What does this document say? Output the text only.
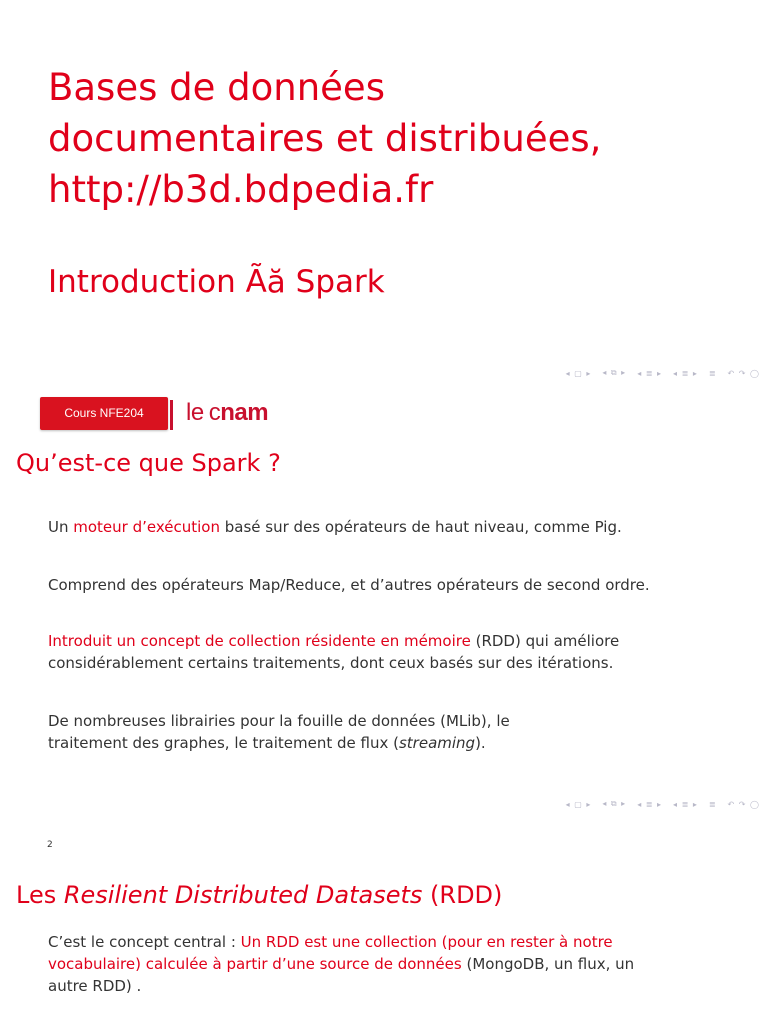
Bases de données
documentaires et distribuées,
http://b3d.bdpedia.fr
Introduction Ãă Spark
◂ ▢ ▸ ◂ ⧉ ▸ ◂ ≣ ▸ ◂ ≣ ▸ ≣ ↶ ↷ ◯
Cours NFE204	le cnam
Qu’est-ce que Spark ?
Un moteur d’exécution basé sur des opérateurs de haut niveau, comme Pig.
Comprend des opérateurs Map/Reduce, et d’autres opérateurs de second ordre.
Introduit un concept de collection résidente en mémoire (RDD) qui améliore
considérablement certains traitements, dont ceux basés sur des itérations.
De nombreuses librairies pour la fouille de données (MLib), le
traitement des graphes, le traitement de flux (streaming).
◂ ▢ ▸ ◂ ⧉ ▸ ◂ ≣ ▸ ◂ ≣ ▸ ≣ ↶ ↷ ◯
2
Les Resilient Distributed Datasets (RDD)
C’est le concept central : Un RDD est une collection (pour en rester à notre
vocabulaire) calculée à partir d’une source de données (MongoDB, un flux, un
autre RDD) .
